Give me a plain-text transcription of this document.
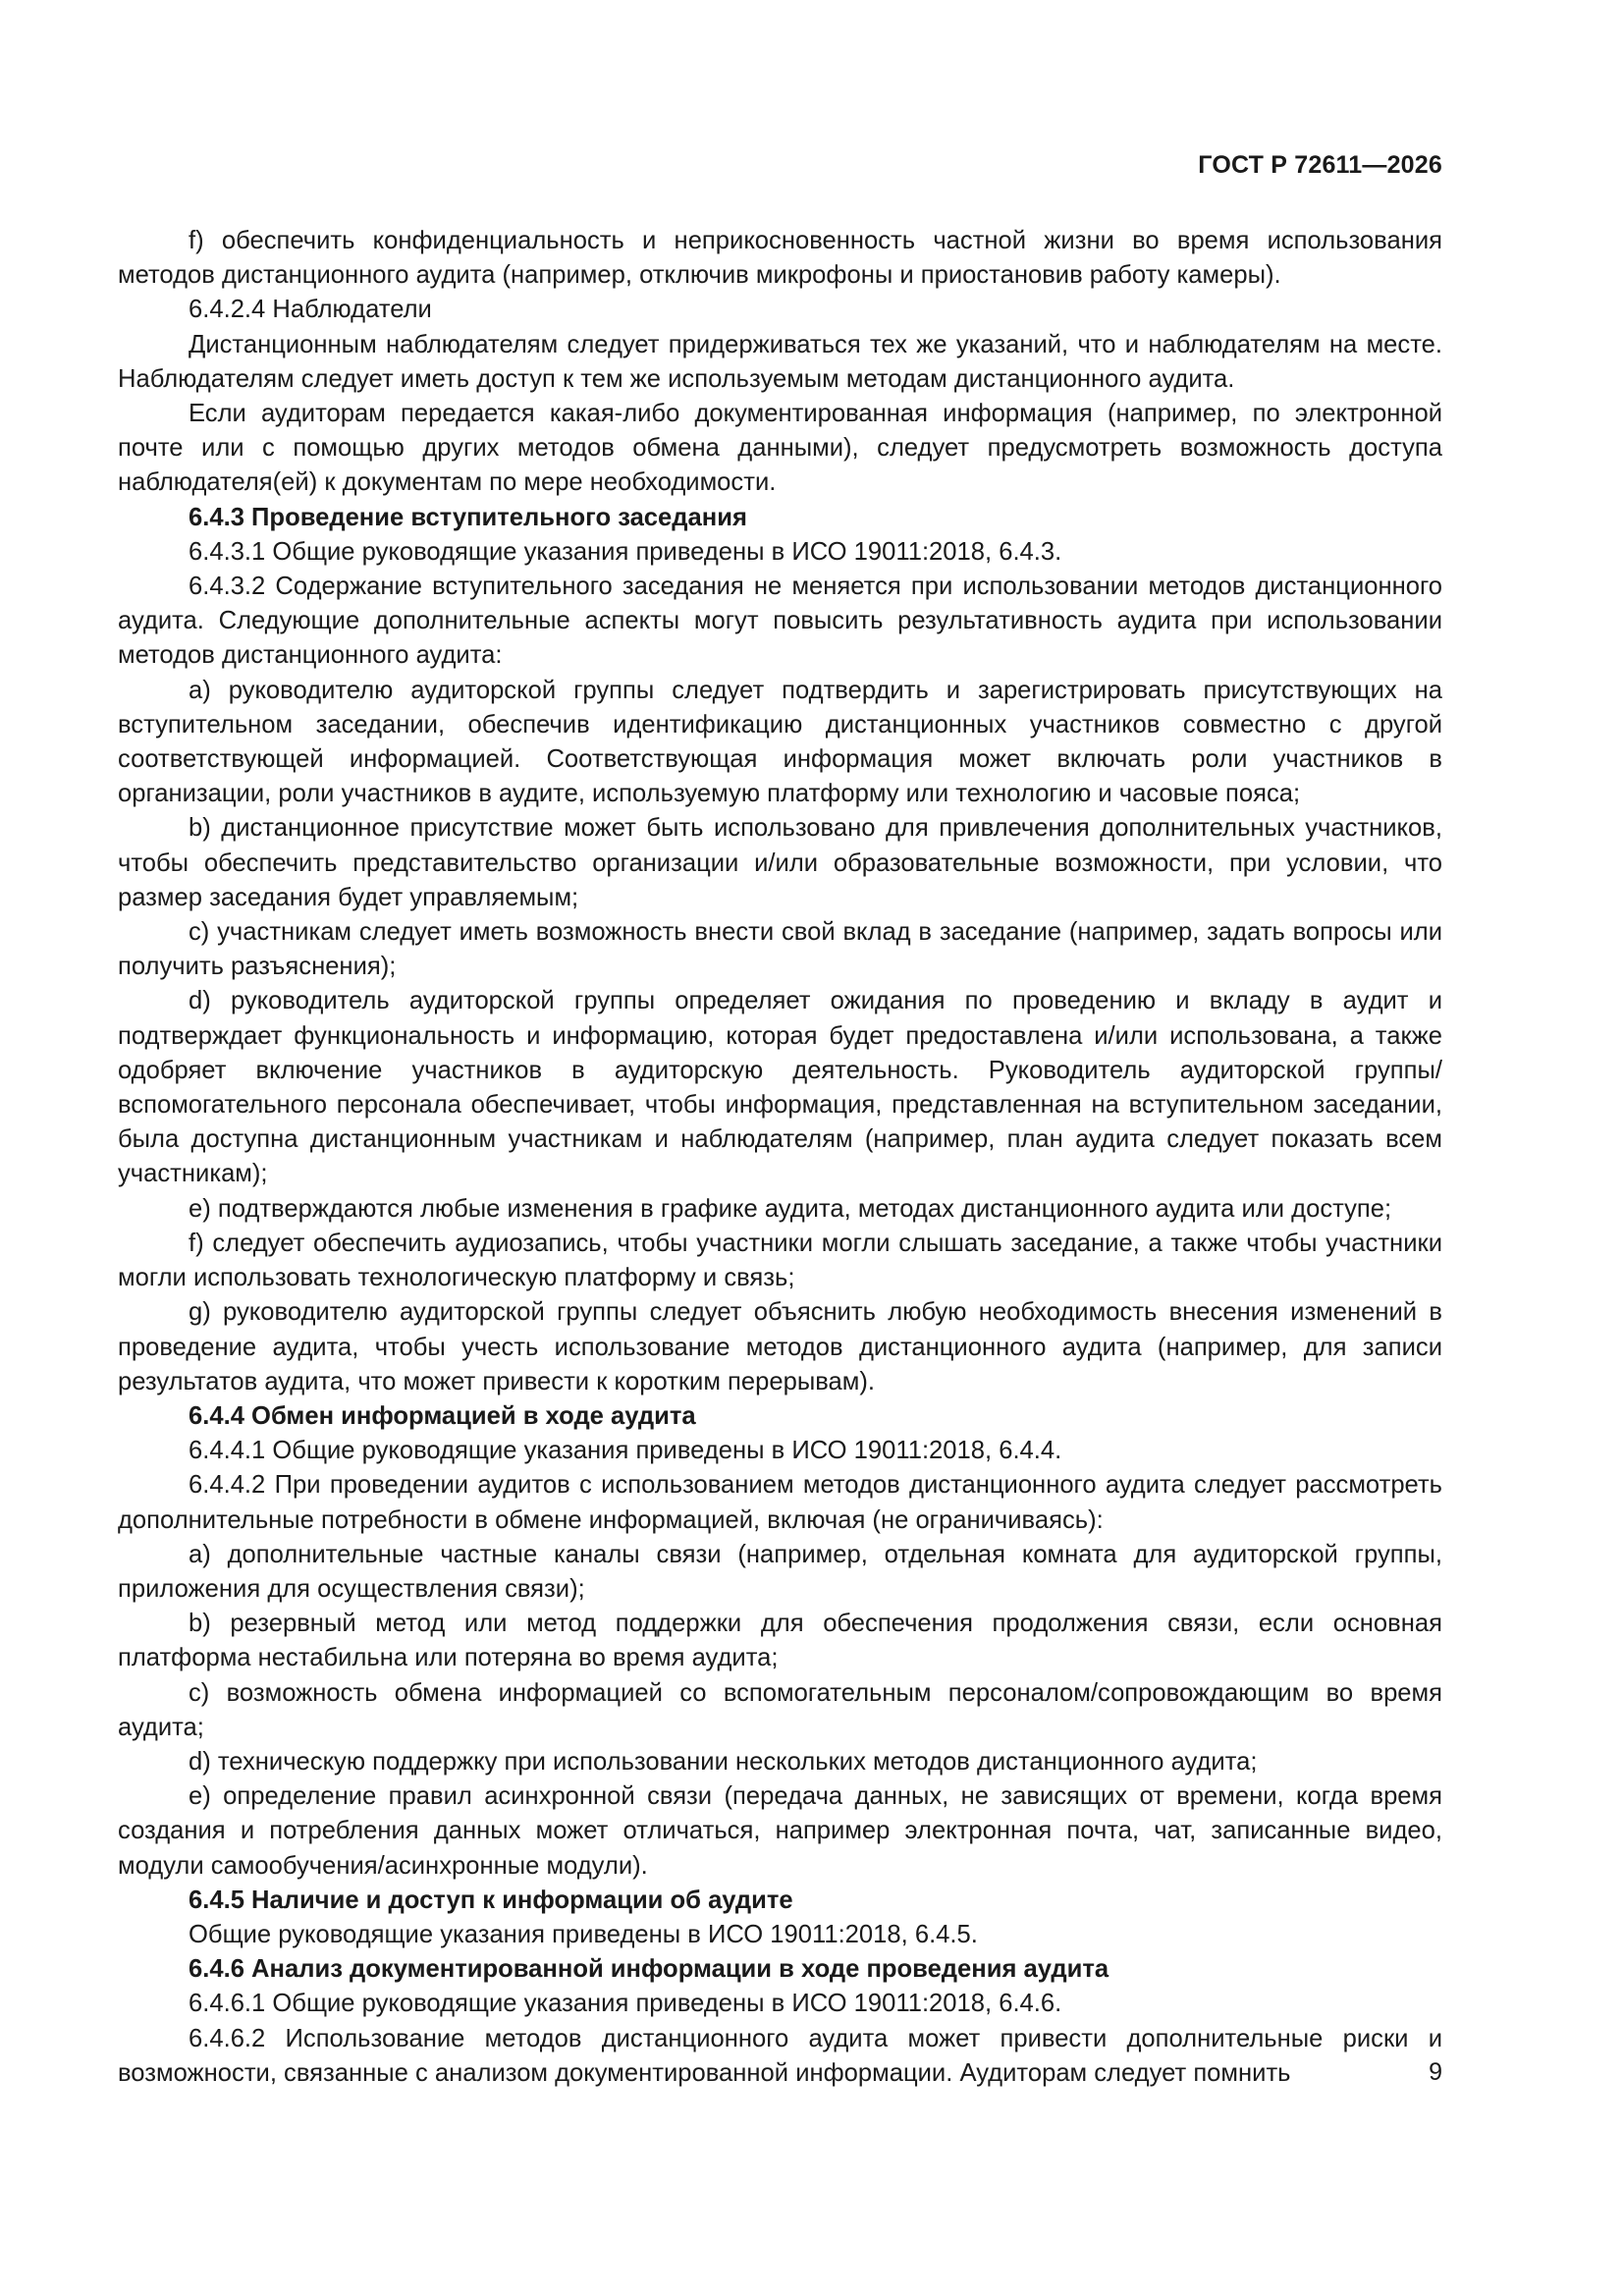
ГОСТ Р 72611—2026

f) обеспечить конфиденциальность и неприкосновенность частной жизни во время использования методов дистанционного аудита (например, отключив микрофоны и приостановив работу камеры).

6.4.2.4 Наблюдатели

Дистанционным наблюдателям следует придерживаться тех же указаний, что и наблюдателям на месте. Наблюдателям следует иметь доступ к тем же используемым методам дистанционного аудита.

Если аудиторам передается какая-либо документированная информация (например, по электронной почте или с помощью других методов обмена данными), следует предусмотреть возможность доступа наблюдателя(ей) к документам по мере необходимости.

6.4.3 Проведение вступительного заседания

6.4.3.1 Общие руководящие указания приведены в ИСО 19011:2018, 6.4.3.

6.4.3.2 Содержание вступительного заседания не меняется при использовании методов дистанционного аудита. Следующие дополнительные аспекты могут повысить результативность аудита при использовании методов дистанционного аудита:

a) руководителю аудиторской группы следует подтвердить и зарегистрировать присутствующих на вступительном заседании, обеспечив идентификацию дистанционных участников совместно с другой соответствующей информацией. Соответствующая информация может включать роли участников в организации, роли участников в аудите, используемую платформу или технологию и часовые пояса;

b) дистанционное присутствие может быть использовано для привлечения дополнительных участников, чтобы обеспечить представительство организации и/или образовательные возможности, при условии, что размер заседания будет управляемым;

c) участникам следует иметь возможность внести свой вклад в заседание (например, задать вопросы или получить разъяснения);

d) руководитель аудиторской группы определяет ожидания по проведению и вкладу в аудит и подтверждает функциональность и информацию, которая будет предоставлена и/или использована, а также одобряет включение участников в аудиторскую деятельность. Руководитель аудиторской группы/вспомогательного персонала обеспечивает, чтобы информация, представленная на вступительном заседании, была доступна дистанционным участникам и наблюдателям (например, план аудита следует показать всем участникам);

e) подтверждаются любые изменения в графике аудита, методах дистанционного аудита или доступе;

f) следует обеспечить аудиозапись, чтобы участники могли слышать заседание, а также чтобы участники могли использовать технологическую платформу и связь;

g) руководителю аудиторской группы следует объяснить любую необходимость внесения изменений в проведение аудита, чтобы учесть использование методов дистанционного аудита (например, для записи результатов аудита, что может привести к коротким перерывам).

6.4.4 Обмен информацией в ходе аудита

6.4.4.1 Общие руководящие указания приведены в ИСО 19011:2018, 6.4.4.

6.4.4.2 При проведении аудитов с использованием методов дистанционного аудита следует рассмотреть дополнительные потребности в обмене информацией, включая (не ограничиваясь):

a) дополнительные частные каналы связи (например, отдельная комната для аудиторской группы, приложения для осуществления связи);

b) резервный метод или метод поддержки для обеспечения продолжения связи, если основная платформа нестабильна или потеряна во время аудита;

c) возможность обмена информацией со вспомогательным персоналом/сопровождающим во время аудита;

d) техническую поддержку при использовании нескольких методов дистанционного аудита;

e) определение правил асинхронной связи (передача данных, не зависящих от времени, когда время создания и потребления данных может отличаться, например электронная почта, чат, записанные видео, модули самообучения/асинхронные модули).

6.4.5 Наличие и доступ к информации об аудите

Общие руководящие указания приведены в ИСО 19011:2018, 6.4.5.

6.4.6 Анализ документированной информации в ходе проведения аудита

6.4.6.1 Общие руководящие указания приведены в ИСО 19011:2018, 6.4.6.

6.4.6.2 Использование методов дистанционного аудита может привести дополнительные риски и возможности, связанные с анализом документированной информации. Аудиторам следует помнить	9
